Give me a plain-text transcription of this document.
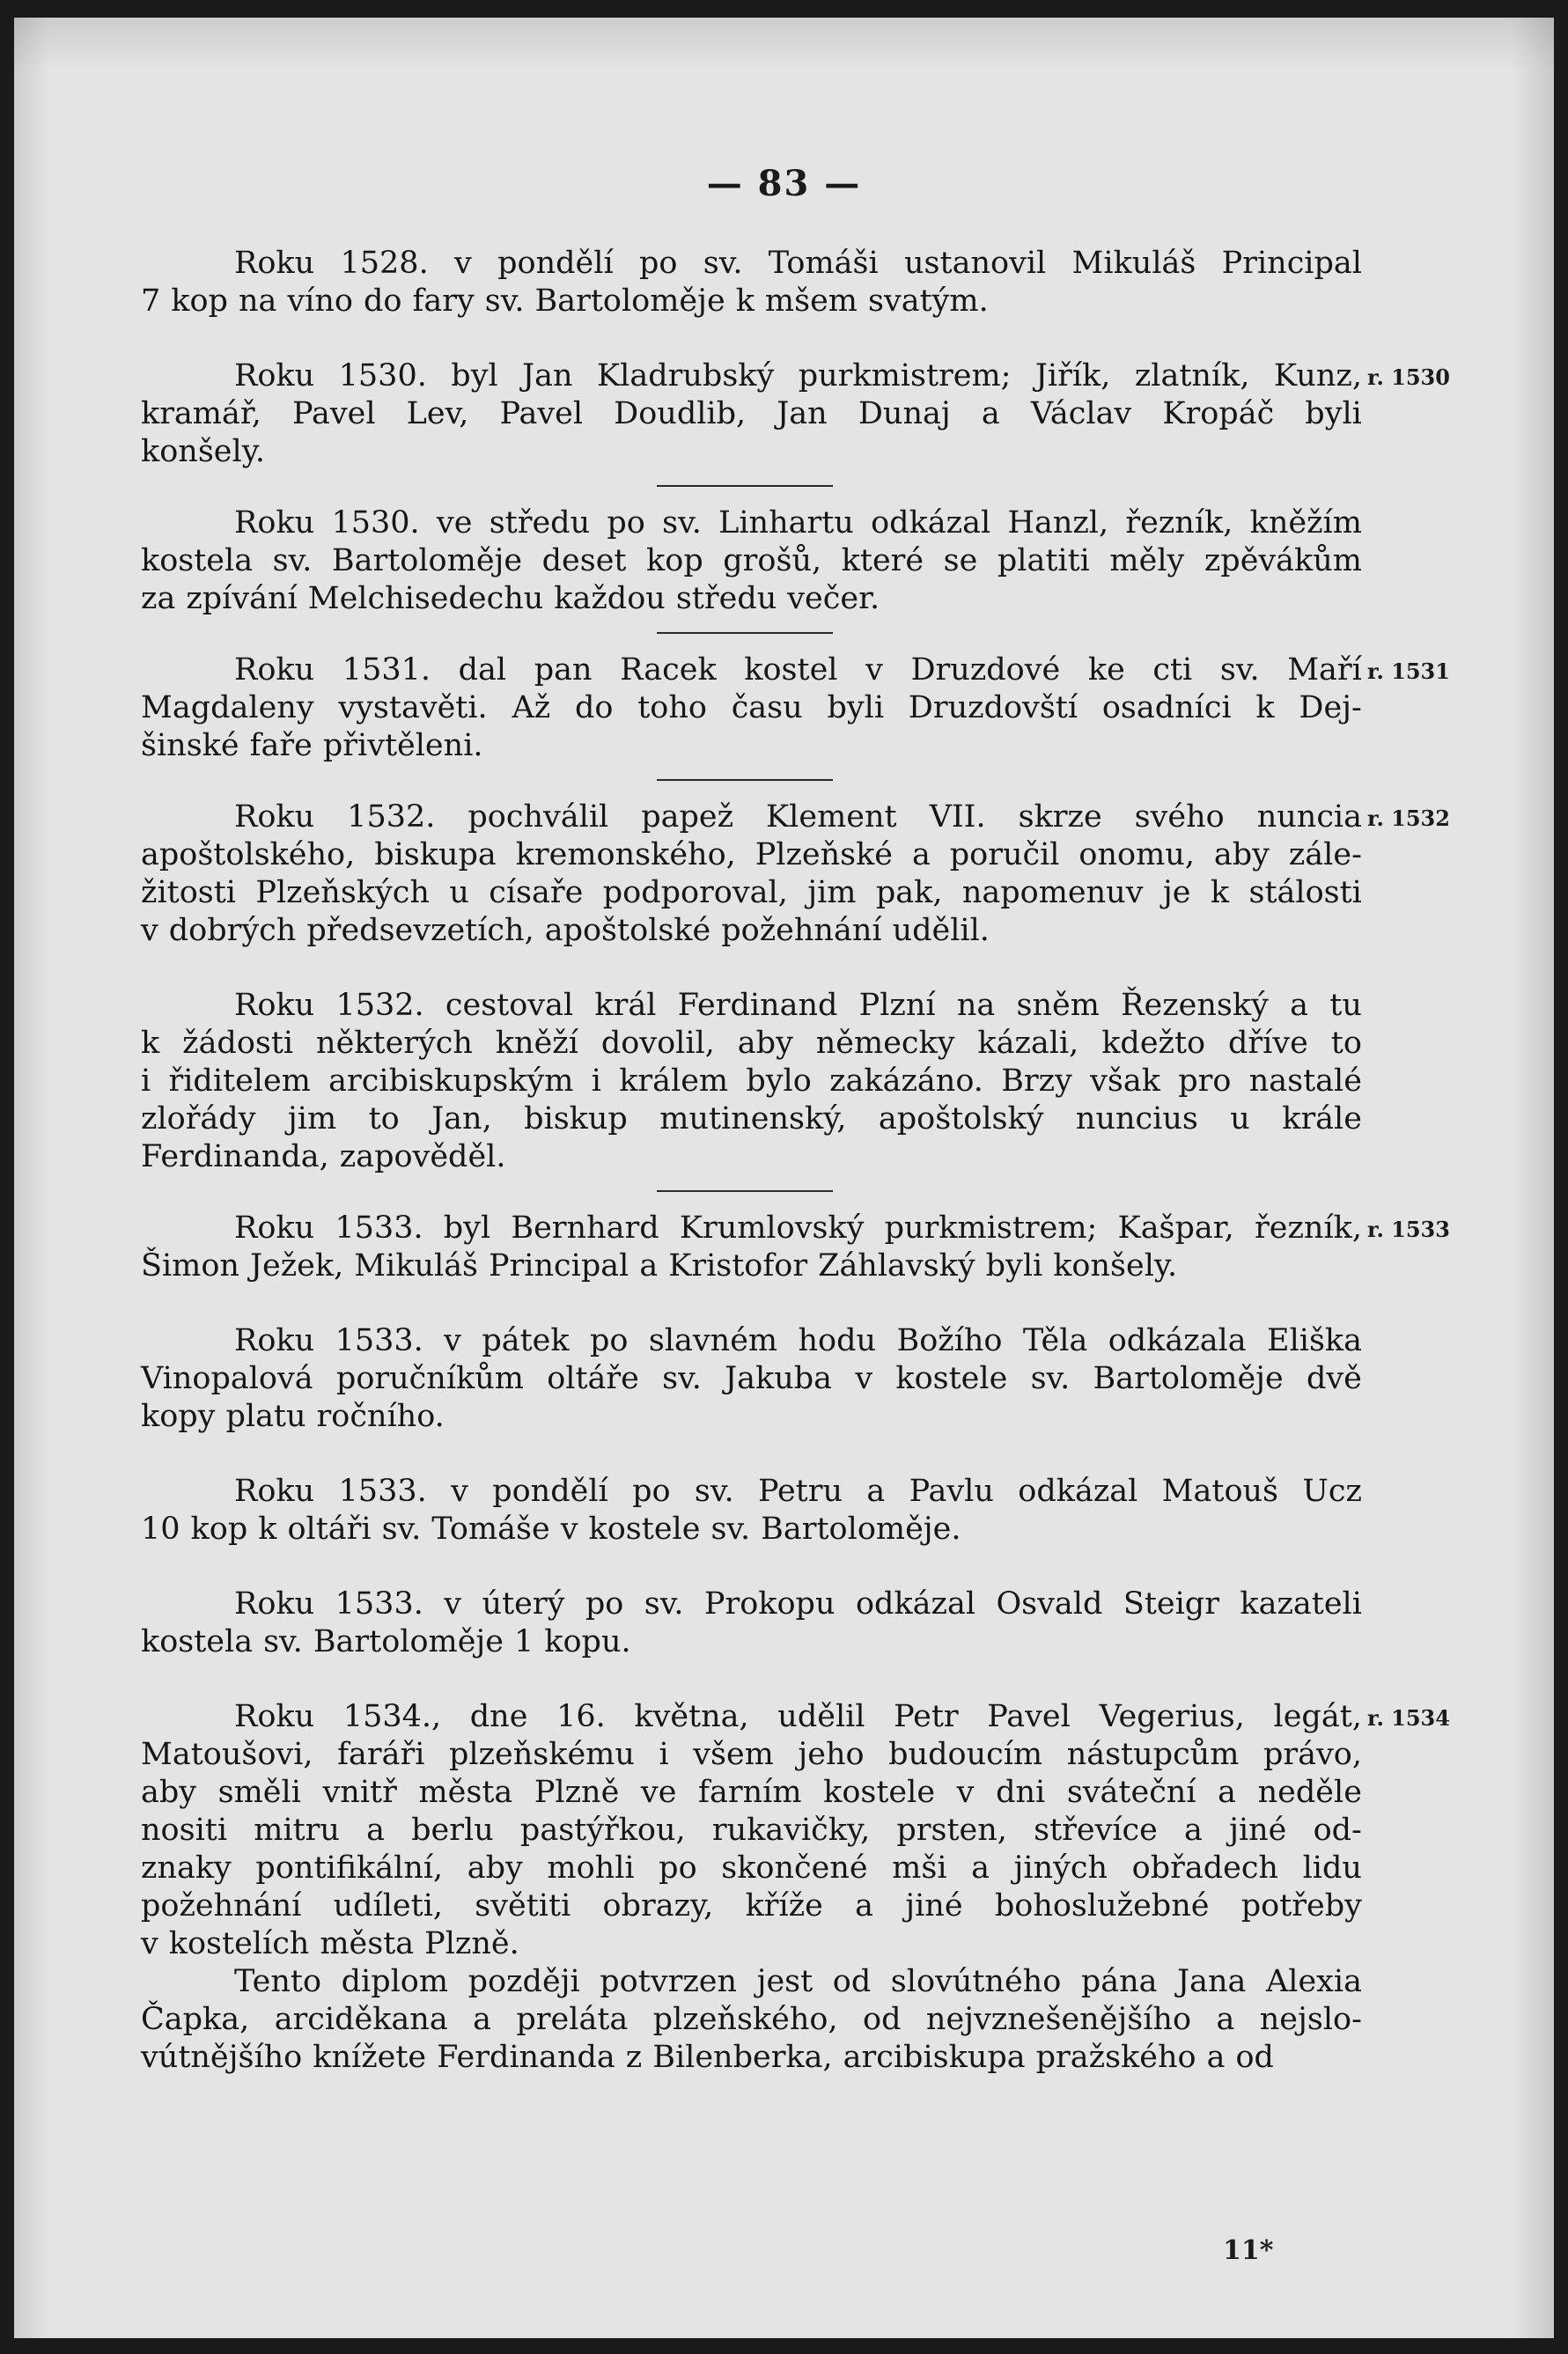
— 83 —
Roku 1528. v pondělí po sv. Tomáši ustanovil Mikuláš Principal
7 kop na víno do fary sv. Bartoloměje k mšem svatým.
Roku 1530. byl Jan Kladrubský purkmistrem; Jiřík, zlatník, Kunz,
kramář, Pavel Lev, Pavel Doudlib, Jan Dunaj a Václav Kropáč byli
konšely.
Roku 1530. ve středu po sv. Linhartu odkázal Hanzl, řezník, kněžím
kostela sv. Bartoloměje deset kop grošů, které se platiti měly zpěvákům
za zpívání Melchisedechu každou středu večer.
Roku 1531. dal pan Racek kostel v Druzdové ke cti sv. Maří
Magdaleny vystavěti. Až do toho času byli Druzdovští osadníci k Dej-
šinské faře přivtěleni.
Roku 1532. pochválil papež Klement VII. skrze svého nuncia
apoštolského, biskupa kremonského, Plzeňské a poručil onomu, aby zále-
žitosti Plzeňských u císaře podporoval, jim pak, napomenuv je k stálosti
v dobrých předsevzetích, apoštolské požehnání udělil.
Roku 1532. cestoval král Ferdinand Plzní na sněm Řezenský a tu
k žádosti některých kněží dovolil, aby německy kázali, kdežto dříve to
i řiditelem arcibiskupským i králem bylo zakázáno. Brzy však pro nastalé
zlořády jim to Jan, biskup mutinenský, apoštolský nuncius u krále
Ferdinanda, zapověděl.
Roku 1533. byl Bernhard Krumlovský purkmistrem; Kašpar, řezník,
Šimon Ježek, Mikuláš Principal a Kristofor Záhlavský byli konšely.
Roku 1533. v pátek po slavném hodu Božího Těla odkázala Eliška
Vinopalová poručníkům oltáře sv. Jakuba v kostele sv. Bartoloměje dvě
kopy platu ročního.
Roku 1533. v pondělí po sv. Petru a Pavlu odkázal Matouš Ucz
10 kop k oltáři sv. Tomáše v kostele sv. Bartoloměje.
Roku 1533. v úterý po sv. Prokopu odkázal Osvald Steigr kazateli
kostela sv. Bartoloměje 1 kopu.
Roku 1534., dne 16. května, udělil Petr Pavel Vegerius, legát,
Matoušovi, faráři plzeňskému i všem jeho budoucím nástupcům právo,
aby směli vnitř města Plzně ve farním kostele v dni sváteční a neděle
nositi mitru a berlu pastýřkou, rukavičky, prsten, střevíce a jiné od-
znaky pontifikální, aby mohli po skončené mši a jiných obřadech lidu
požehnání udíleti, světiti obrazy, kříže a jiné bohoslužebné potřeby
v kostelích města Plzně.
Tento diplom později potvrzen jest od slovútného pána Jana Alexia
Čapka, arciděkana a preláta plzeňského, od nejvznešenějšího a nejslo-
vútnějšího knížete Ferdinanda z Bilenberka, arcibiskupa pražského a od
11*
r. 1530
r. 1531
r. 1532
r. 1533
r. 1534
